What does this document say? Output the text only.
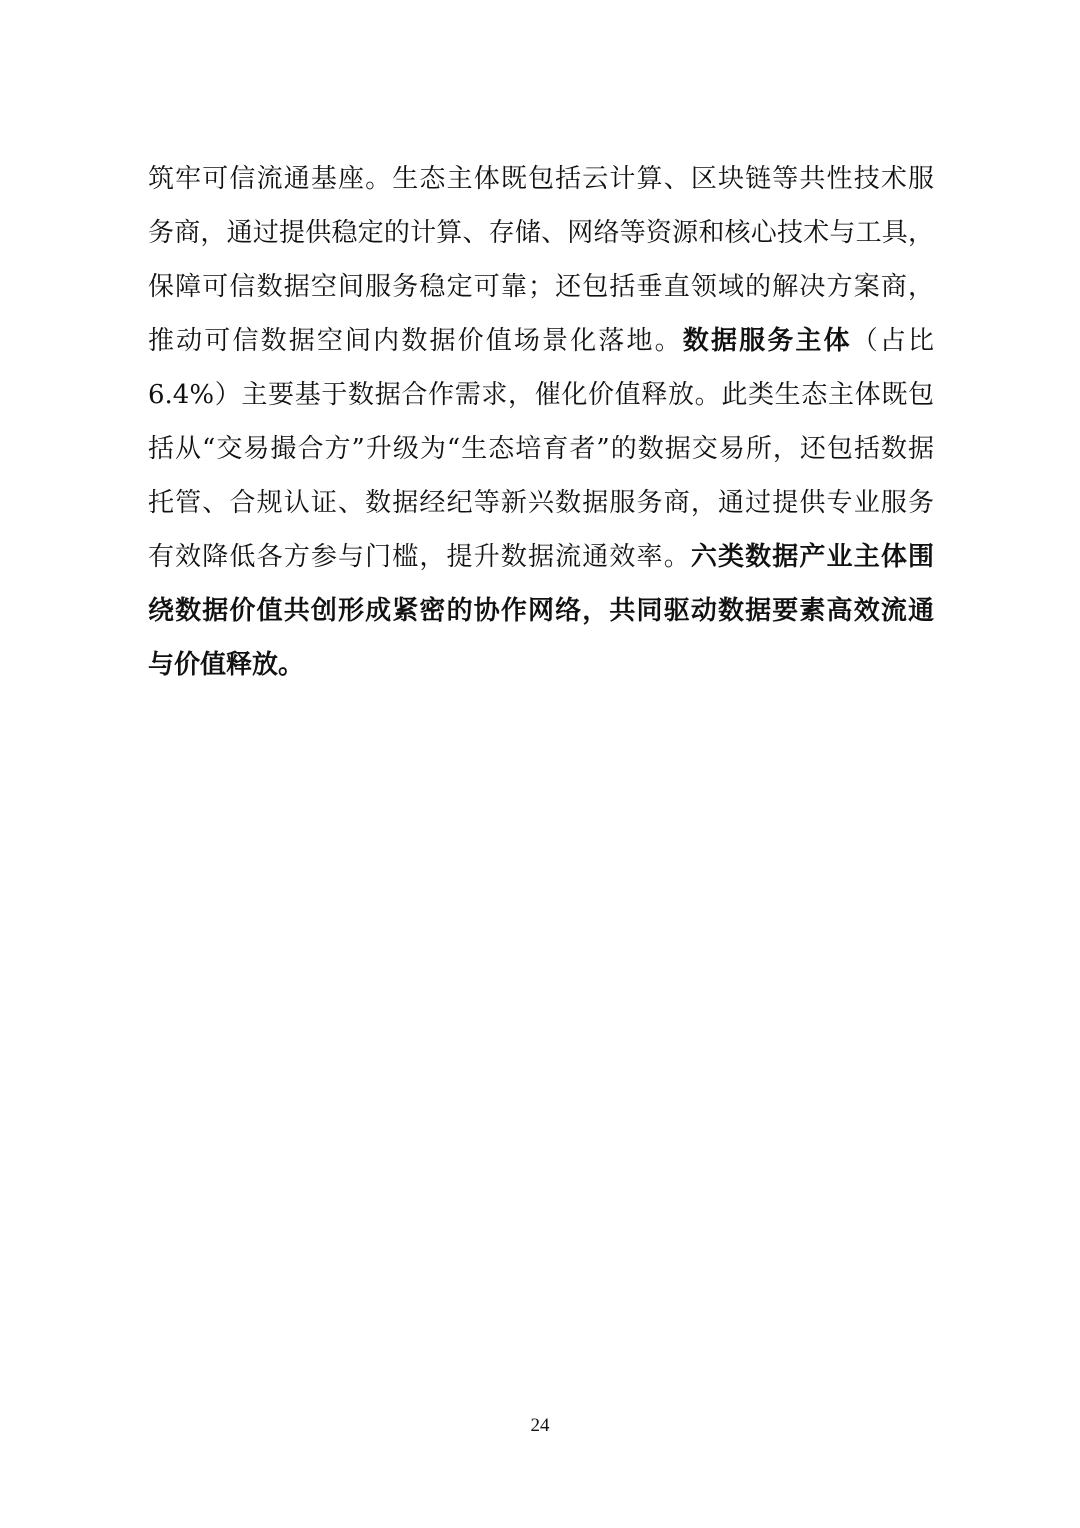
筑牢可信流通基座。生态主体既包括云计算、区块链等共性技术服
务商，通过提供稳定的计算、存储、网络等资源和核心技术与工具，
保障可信数据空间服务稳定可靠；还包括垂直领域的解决方案商，
推动可信数据空间内数据价值场景化落地。数据服务主体（占比
6.4%）主要基于数据合作需求，催化价值释放。此类生态主体既包
括从“交易撮合方”升级为“生态培育者”的数据交易所，还包括数据
托管、合规认证、数据经纪等新兴数据服务商，通过提供专业服务
有效降低各方参与门槛，提升数据流通效率。六类数据产业主体围
绕数据价值共创形成紧密的协作网络，共同驱动数据要素高效流通
与价值释放。
24
